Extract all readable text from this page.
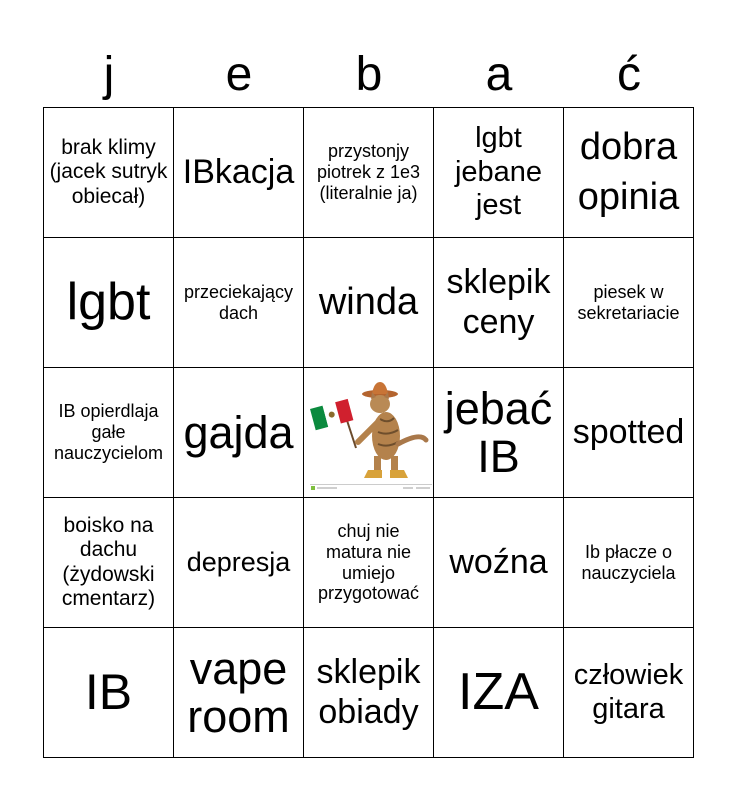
j	e	b	a	ć
brak klimy (jacek sutryk obiecał)	IBkacja	przystonjy piotrek z 1e3 (literalnie ja)	lgbt jebane jest	dobra opinia
lgbt	przeciekający dach	winda	sklepik ceny	piesek w sekretariacie
IB opierdlaja gałe nauczycielom	gajda		jebać IB	spotted
boisko na dachu (żydowski cmentarz)	depresja	chuj nie matura nie umiejo przygotować	woźna	Ib płacze o nauczyciela
IB	vape room	sklepik obiady	IZA	człowiek gitara
